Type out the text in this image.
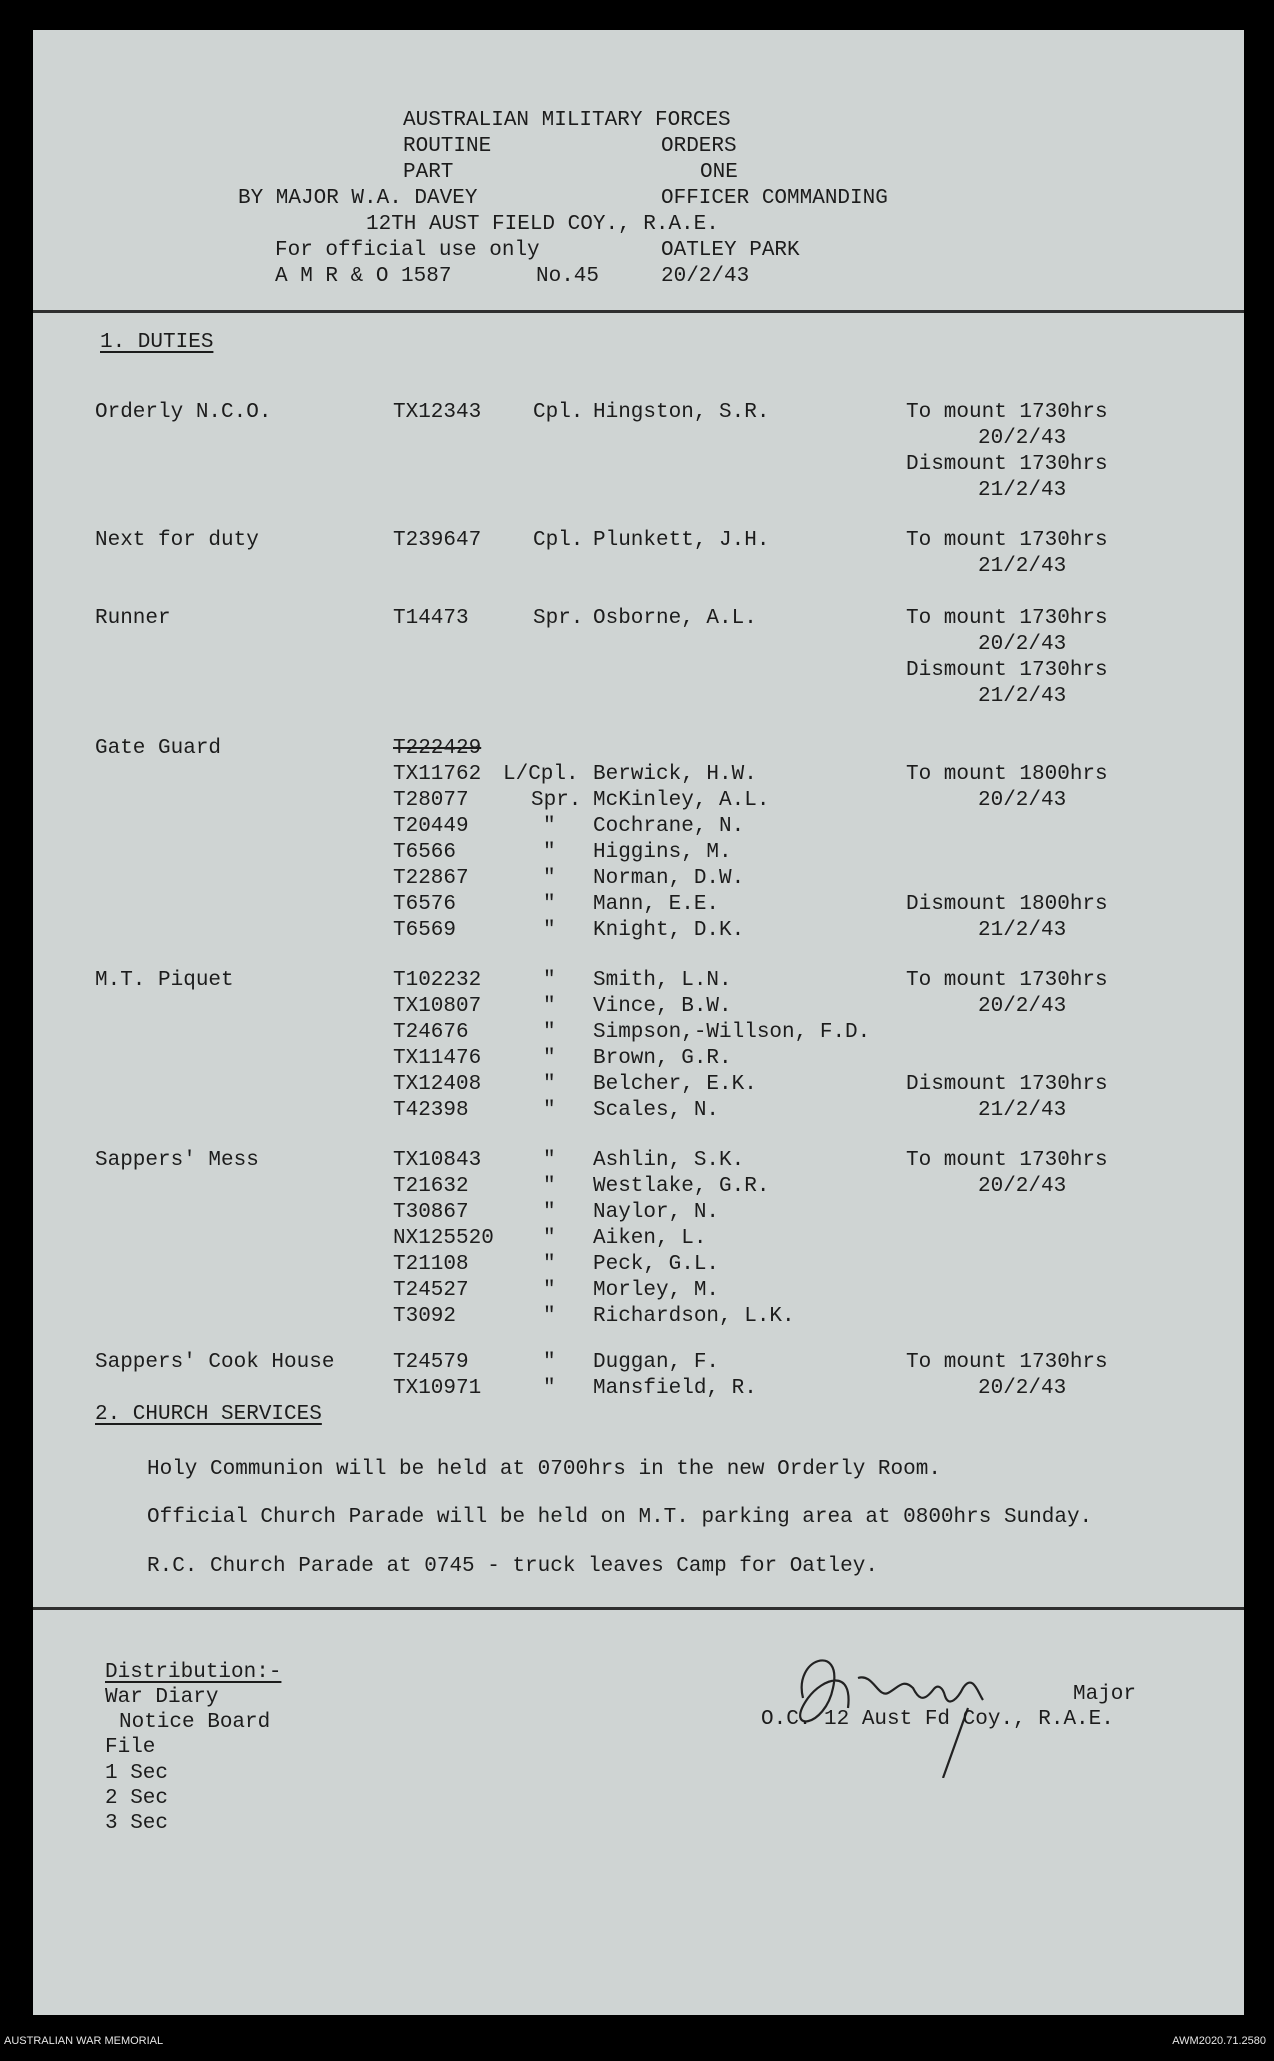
AUSTRALIAN MILITARY FORCES
ROUTINE	ORDERS
PART	ONE
BY MAJOR W.A. DAVEY	OFFICER COMMANDING
12TH AUST FIELD COY., R.A.E.
For official use only	OATLEY PARK
A M R & O 1587	No.45	20/2/43
1. DUTIES
Orderly N.C.O.	TX12343 Cpl. Hingston, S.R.	To mount 1730hrs
20/2/43
Dismount 1730hrs
21/2/43
Next for duty	T239647 Cpl. Plunkett, J.H.	To mount 1730hrs
21/2/43
Runner	T14473	Spr. Osborne, A.L.	To mount 1730hrs
20/2/43
Dismount 1730hrs
21/2/43
Gate Guard	T222429
TX11762 L/Cpl. Berwick, H.W.	To mount 1800hrs
T28077	Spr. McKinley, A.L.	20/2/43
T20449	" Cochrane, N.
T6566	" Higgins, M.
T22867	" Norman, D.W.
T6576	" Mann, E.E.	Dismount 1800hrs
T6569	" Knight, D.K.	21/2/43
M.T. Piquet	T102232	" Smith, L.N.	To mount 1730hrs
TX10807	" Vince, B.W.	20/2/43
T24676	" Simpson,-Willson, F.D.
TX11476	" Brown, G.R.
TX12408	" Belcher, E.K.	Dismount 1730hrs
T42398	" Scales, N.	21/2/43
Sappers' Mess	TX10843	" Ashlin, S.K.	To mount 1730hrs
T21632	" Westlake, G.R.	20/2/43
T30867	" Naylor, N.
NX125520 " Aiken, L.
T21108	" Peck, G.L.
T24527	" Morley, M.
T3092	" Richardson, L.K.
Sappers' Cook House	T24579	" Duggan, F.	To mount 1730hrs
TX10971	" Mansfield, R.	20/2/43
2. CHURCH SERVICES
Holy Communion will be held at 0700hrs in the new Orderly Room.
Official Church Parade will be held on M.T. parking area at 0800hrs Sunday.
R.C. Church Parade at 0745 - truck leaves Camp for Oatley.
Distribution:-
War Diary
Notice Board
File
1 Sec
2 Sec
3 Sec
Major
O.C. 12 Aust Fd Coy., R.A.E.
AUSTRALIAN WAR MEMORIAL	AWM2020.71.2580
